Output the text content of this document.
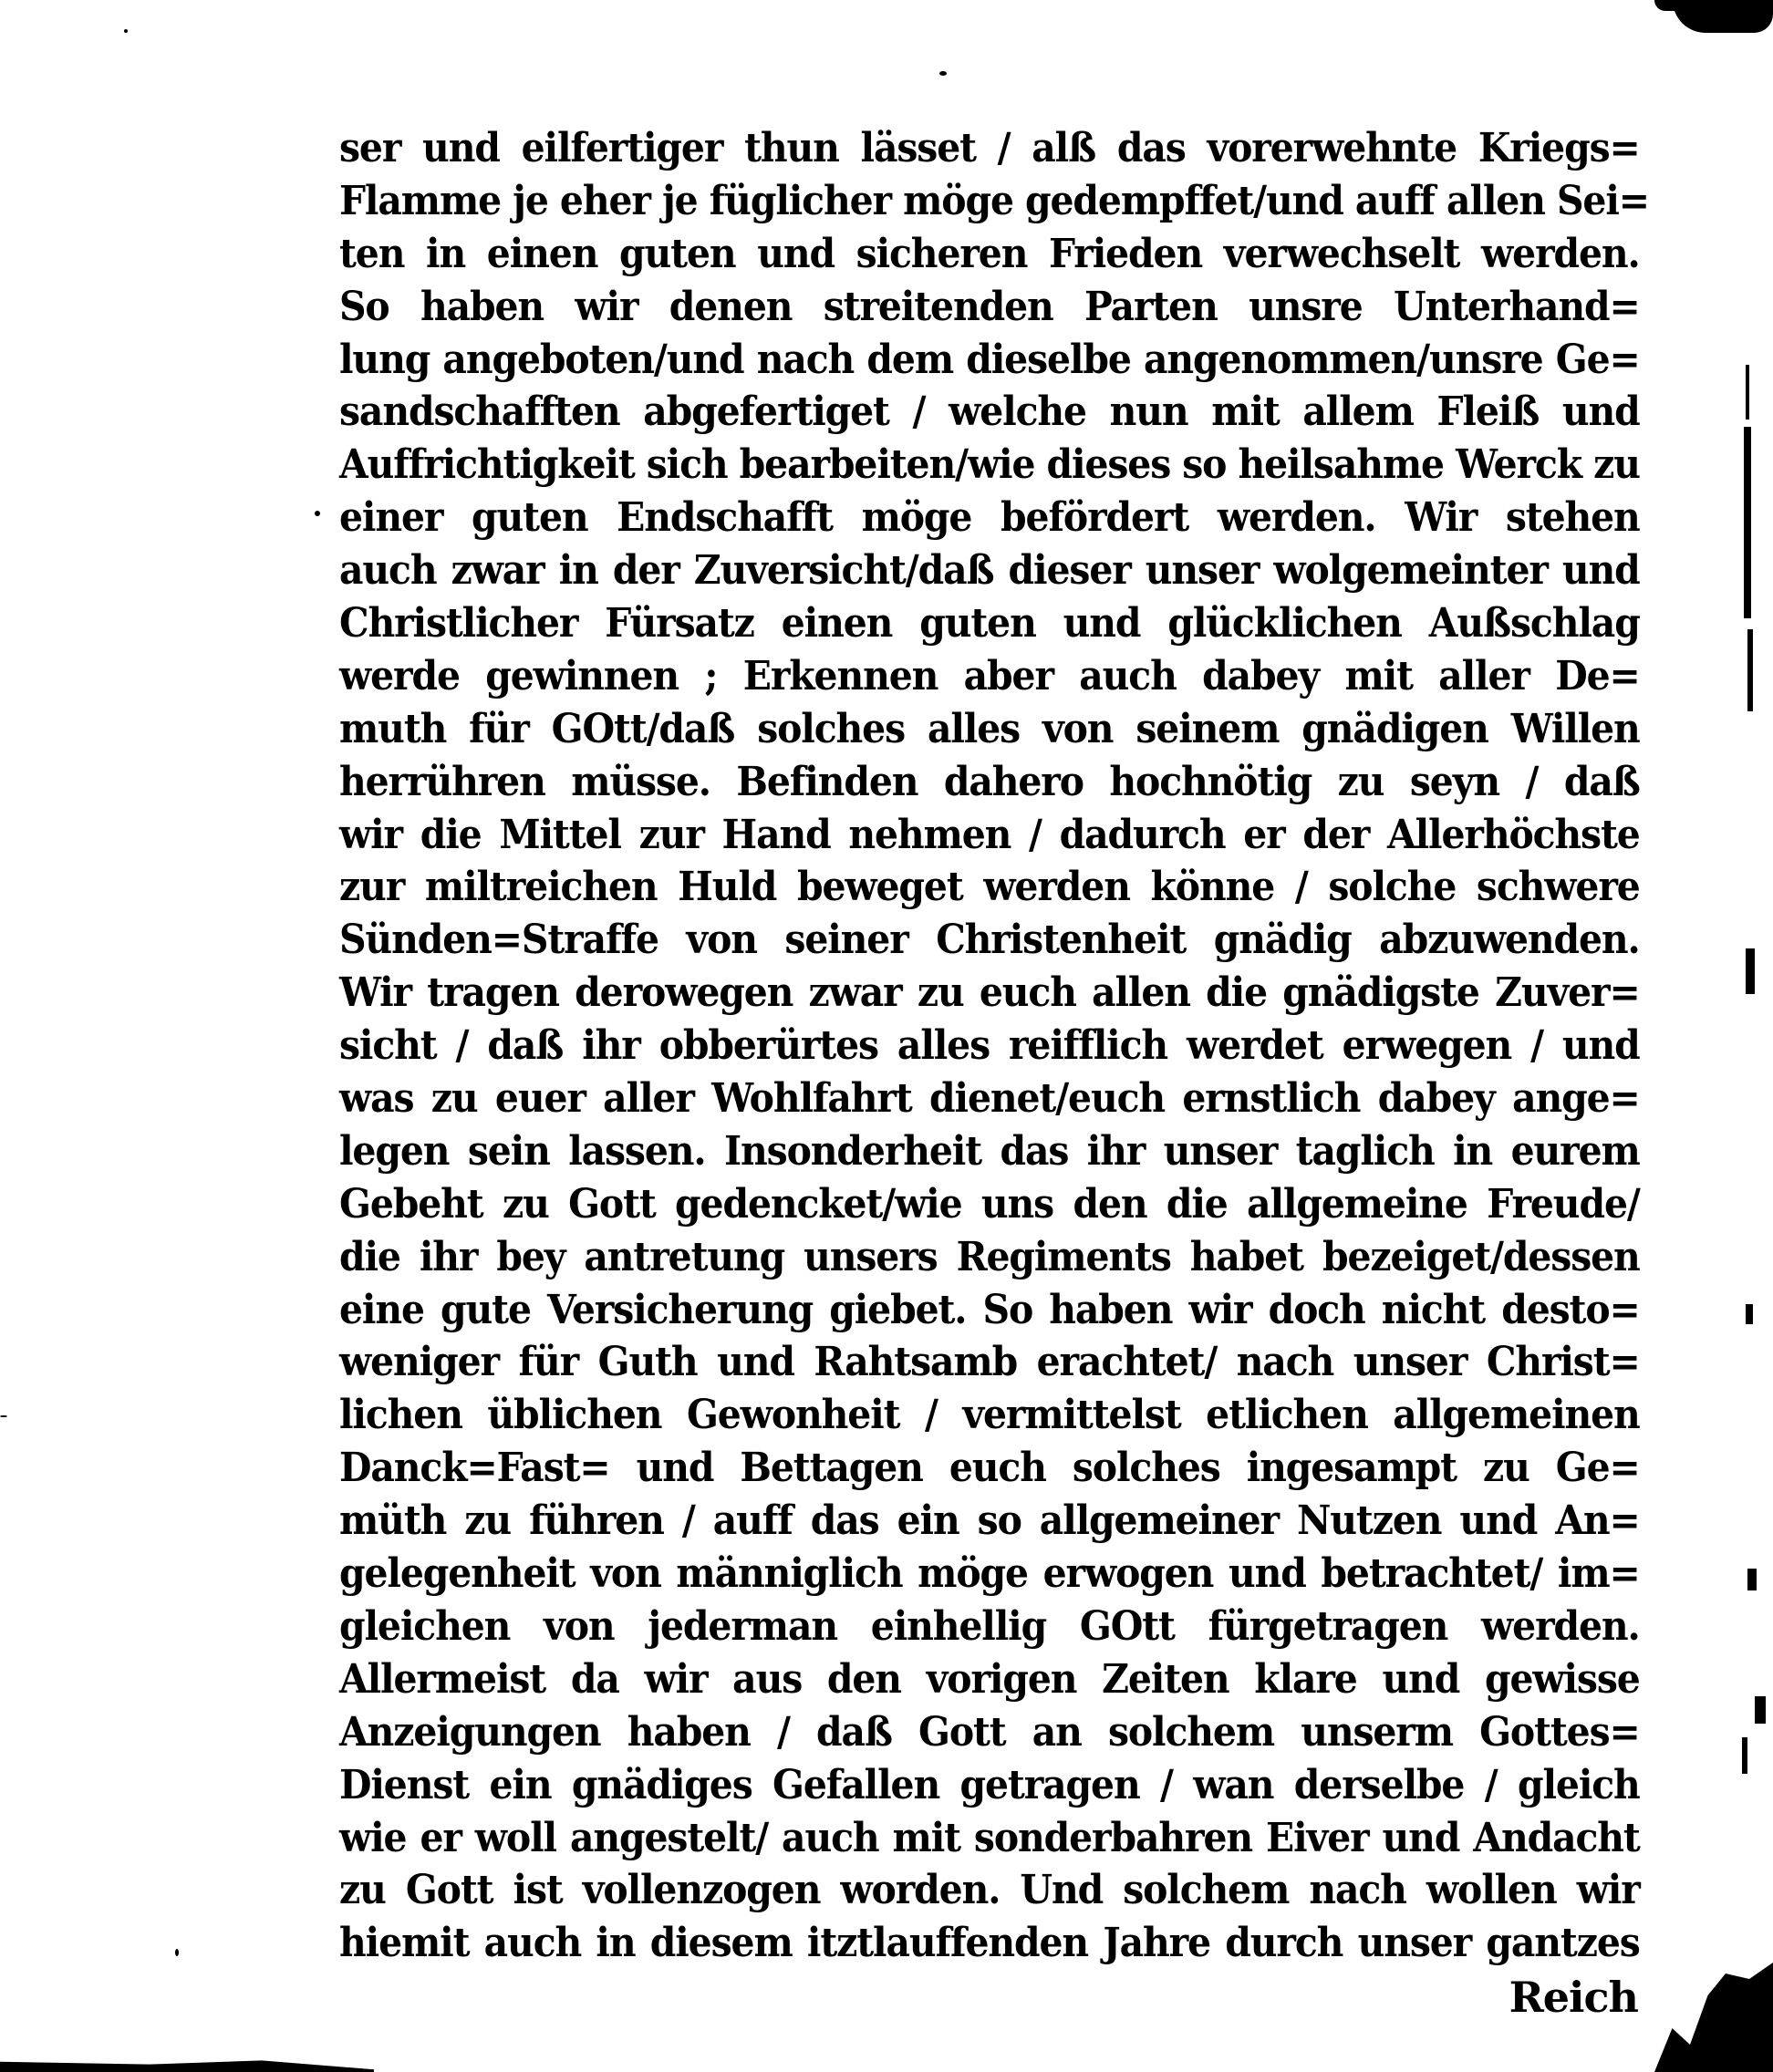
ser und eilfertiger thun lässet / alß das vorerwehnte Kriegs=
Flamme je eher je füglicher möge gedempffet/und auff allen Sei=
ten in einen guten und sicheren Frieden verwechselt werden.
So haben wir denen streitenden Parten unsre Unterhand=
lung angeboten/und nach dem dieselbe angenommen/unsre Ge=
sandschafften abgefertiget / welche nun mit allem Fleiß und
Auffrichtigkeit sich bearbeiten/wie dieses so heilsahme Werck zu
einer guten Endschafft möge befördert werden. Wir stehen
auch zwar in der Zuversicht/daß dieser unser wolgemeinter und
Christlicher Fürsatz einen guten und glücklichen Außschlag
werde gewinnen ; Erkennen aber auch dabey mit aller De=
muth für GOtt/daß solches alles von seinem gnädigen Willen
herrühren müsse. Befinden dahero hochnötig zu seyn / daß
wir die Mittel zur Hand nehmen / dadurch er der Allerhöchste
zur miltreichen Huld beweget werden könne / solche schwere
Sünden=Straffe von seiner Christenheit gnädig abzuwenden.
Wir tragen derowegen zwar zu euch allen die gnädigste Zuver=
sicht / daß ihr obberürtes alles reifflich werdet erwegen / und
was zu euer aller Wohlfahrt dienet/euch ernstlich dabey ange=
legen sein lassen. Insonderheit das ihr unser taglich in eurem
Gebeht zu Gott gedencket/wie uns den die allgemeine Freude/
die ihr bey antretung unsers Regiments habet bezeiget/dessen
eine gute Versicherung giebet. So haben wir doch nicht desto=
weniger für Guth und Rahtsamb erachtet/ nach unser Christ=
lichen üblichen Gewonheit / vermittelst etlichen allgemeinen
Danck=Fast= und Bettagen euch solches ingesampt zu Ge=
müth zu führen / auff das ein so allgemeiner Nutzen und An=
gelegenheit von männiglich möge erwogen und betrachtet/ im=
gleichen von jederman einhellig GOtt fürgetragen werden.
Allermeist da wir aus den vorigen Zeiten klare und gewisse
Anzeigungen haben / daß Gott an solchem unserm Gottes=
Dienst ein gnädiges Gefallen getragen / wan derselbe / gleich
wie er woll angestelt/ auch mit sonderbahren Eiver und Andacht
zu Gott ist vollenzogen worden. Und solchem nach wollen wir
hiemit auch in diesem itztlauffenden Jahre durch unser gantzes
Reich
